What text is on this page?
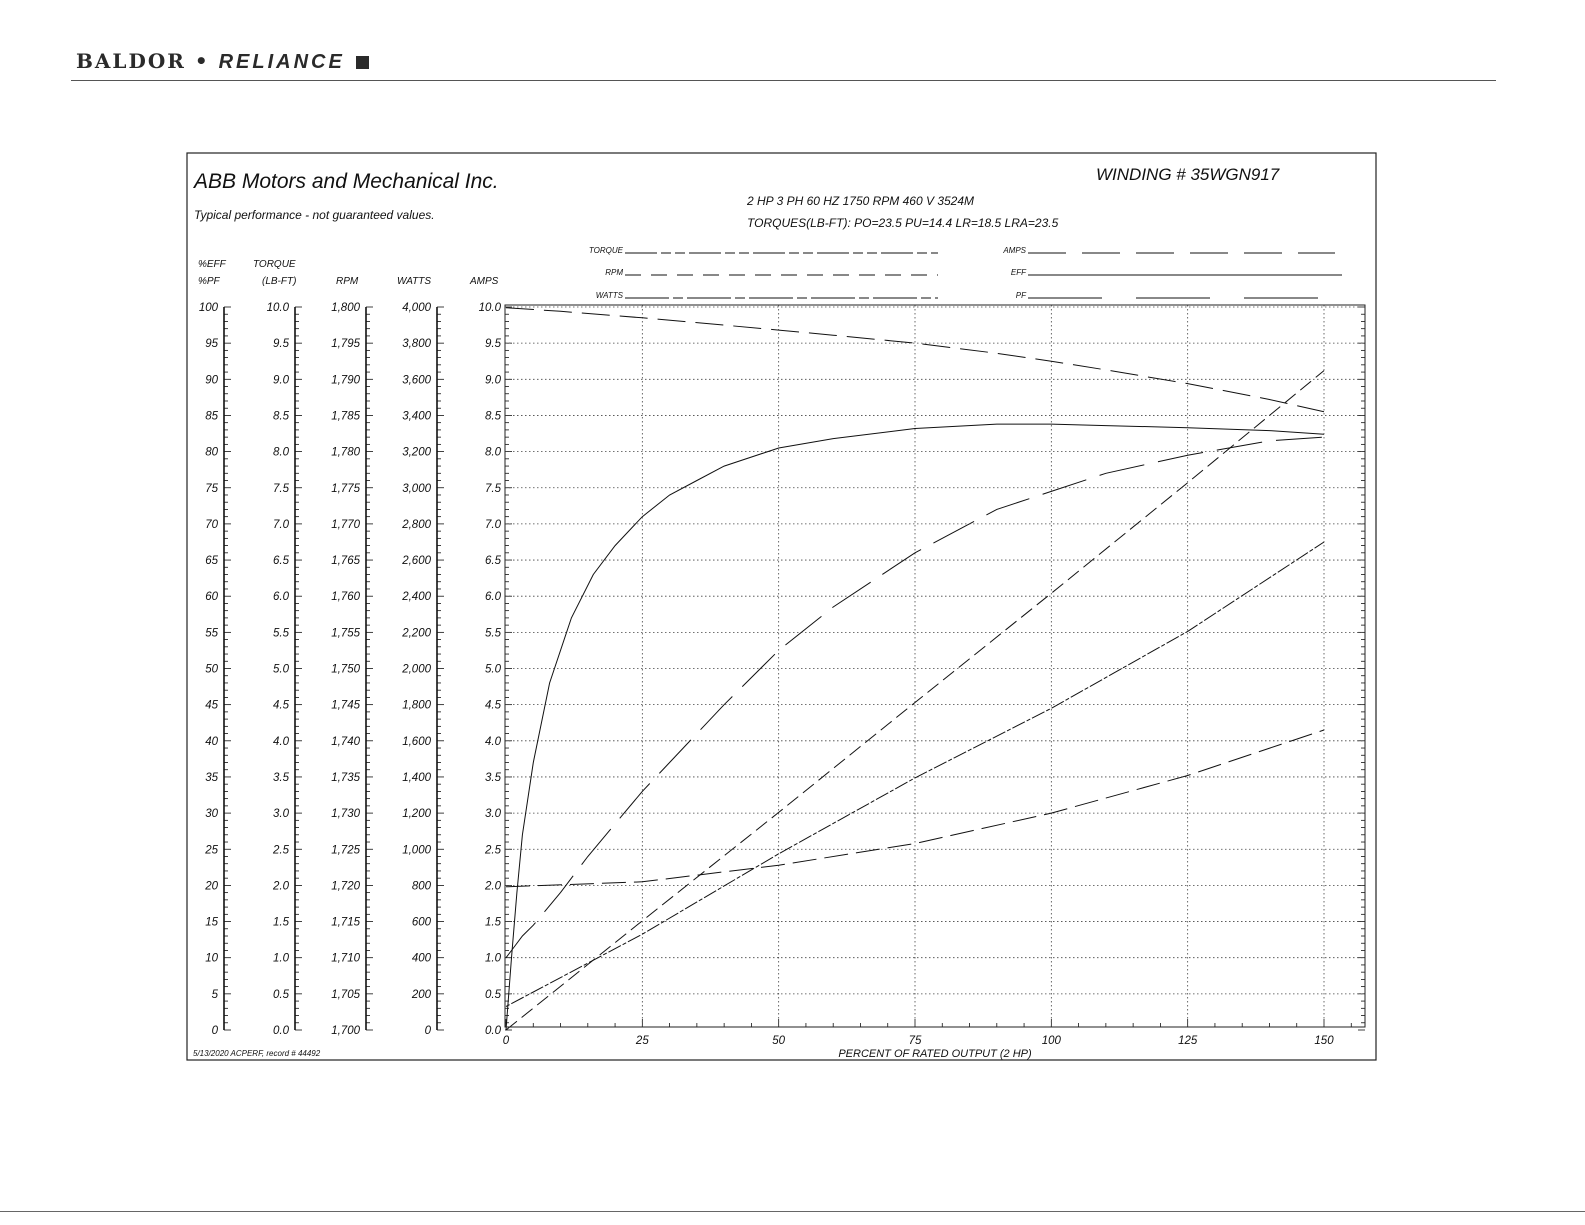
BALDOR • RELIANCE
ABB Motors and Mechanical Inc.
Typical performance - not guaranteed values.
WINDING # 35WGN917
2 HP 3 PH 60 HZ 1750 RPM 460 V 3524M
TORQUES(LB-FT): PO=23.5 PU=14.4 LR=18.5 LRA=23.5
5/13/2020 ACPERF, record # 44492
TORQUE
RPM
WATTS
AMPS
EFF
PF
%EFF
%PF
TORQUE
(LB-FT)	RPM	WATTS	AMPS
100
95
90
85
80
75
70
65
60
55
50
45
40
35
30
25
20
15
10
5
0
10.0
9.5
9.0
8.5
8.0
7.5
7.0
6.5
6.0
5.5
5.0
4.5
4.0
3.5
3.0
2.5
2.0
1.5
1.0
0.5
0.0
1,800
1,795
1,790
1,785
1,780
1,775
1,770
1,765
1,760
1,755
1,750
1,745
1,740
1,735
1,730
1,725
1,720
1,715
1,710
1,705
1,700
4,000
3,800
3,600
3,400
3,200
3,000
2,800
2,600
2,400
2,200
2,000
1,800
1,600
1,400
1,200
1,000
800
600
400
200
0
10.0
9.5
9.0
8.5
8.0
7.5
7.0
6.5
6.0
5.5
5.0
4.5
4.0
3.5
3.0
2.5
2.0
1.5
1.0
0.5
0.0
0	25	50	75	100	125	150
PERCENT OF RATED OUTPUT (2 HP)
